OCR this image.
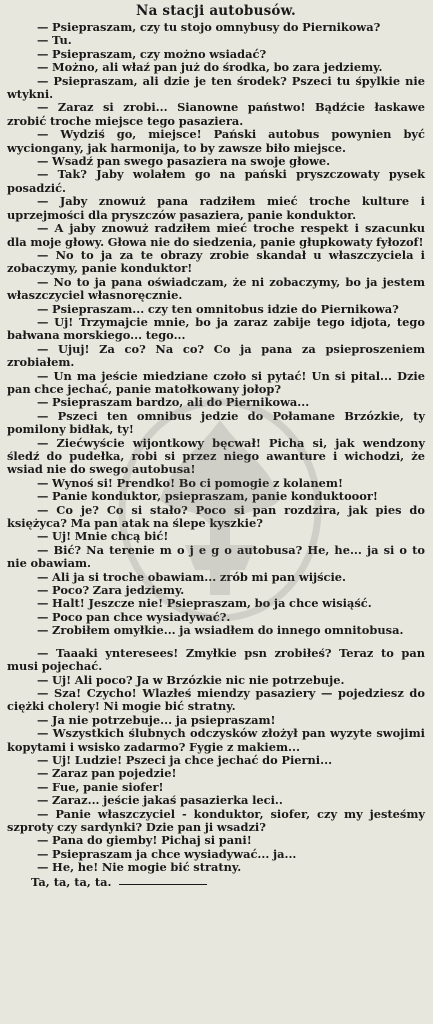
Na stacji autobusów.

— Psiepraszam, czy tu stojo omnybusy do Piernikowa?

— Tu.

— Psiepraszam, czy możno wsiadać?

— Możno, ali właź pan już do środka, bo zara jedziemy.

— Psiepraszam, ali dzie je ten środek? Pszeci tu śpylkie nie wtykni.

— Zaraz si zrobi... Sianowne państwo! Bądźcie łaskawe zrobić troche miejsce tego pasaziera.

— Wydziś go, miejsce! Pański autobus powynien być wyciongany, jak harmonija, to by zawsze biło miejsce.

— Wsadź pan swego pasaziera na swoje głowe.

— Tak? Jaby wolałem go na pański pryszczowaty pysek posadzić.

— Jaby znowuż pana radziłem mieć troche kulture i uprzejmości dla pryszczów pasaziera, panie konduktor.

— A jaby znowuż radziłem mieć troche respekt i szacunku dla moje głowy. Głowa nie do siedzenia, panie głupkowaty fyłozof!

— No to ja za te obrazy zrobie skandał u właszczyciela i zobaczymy, panie konduktor!

— No to ja pana oświadczam, że ni zobaczymy, bo ja jestem właszczyciel własnoręcznie.

— Psiepraszam... czy ten omnitobus idzie do Piernikowa?

— Uj! Trzymajcie mnie, bo ja zaraz zabije tego idjota, tego bałwana morskiego... tego...

— Ujuj! Za co? Na co? Co ja pana za psieproszeniem zrobiałem.

— Un ma jeście miedziane czoło si pytać! Un si pital... Dzie pan chce jechać, panie matołkowany jołop?

— Psiepraszam bardzo, ali do Piernikowa...

— Pszeci ten omnibus jedzie do Połamane Brzózkie, ty pomilony bidłak, ty!

— Ziećwyście wijontkowy bęcwał! Picha si, jak wendzony śledź do pudełka, robi si przez niego awanture i wichodzi, że wsiad nie do swego autobusa!

— Wynoś si! Prendko! Bo ci pomogie z kolanem!

— Panie konduktor, psiepraszam, panie konduktooor!

— Co je? Co si stało? Poco si pan rozdzira, jak pies do księżyca? Ma pan atak na ślepe kyszkie?

— Uj! Mnie chcą bić!

— Bić? Na terenie m o j e g o autobusa? He, he... ja si o to nie obawiam.

— Ali ja si troche obawiam... zrób mi pan wijście.

— Poco? Zara jedziemy.

— Halt! Jeszcze nie! Psiepraszam, bo ja chce wisiąść.

— Poco pan chce wysiadywać?.

— Zrobiłem omyłkie... ja wsiadłem do innego omnitobusa.

— Taaaki ynteresees! Zmyłkie psn zrobiłeś? Teraz to pan musi pojechać.

— Uj! Ali poco? Ja w Brzózkie nic nie potrzebuje.

— Sza! Czycho! Wlazłeś miendzy pasaziery — pojedziesz do ciężki cholery! Ni mogie bić stratny.

— Ja nie potrzebuje... ja psiepraszam!

— Wszystkich ślubnych odczysków złożył pan wyzyte swojimi kopytami i wsisko zadarmo? Fygie z makiem...

— Uj! Ludzie! Pszeci ja chce jechać do Pierni...

— Zaraz pan pojedzie!

— Fue, panie siofer!

— Zaraz... jeście jakaś pasazierka leci..

— Panie właszczyciel - konduktor, siofer, czy my jesteśmy szproty czy sardynki? Dzie pan ji wsadzi?

— Pana do giemby! Pichaj si pani!

— Psiepraszam ja chce wysiadywać... ja...

— He, he! Nie mogie bić stratny.

Ta, ta, ta, ta.
